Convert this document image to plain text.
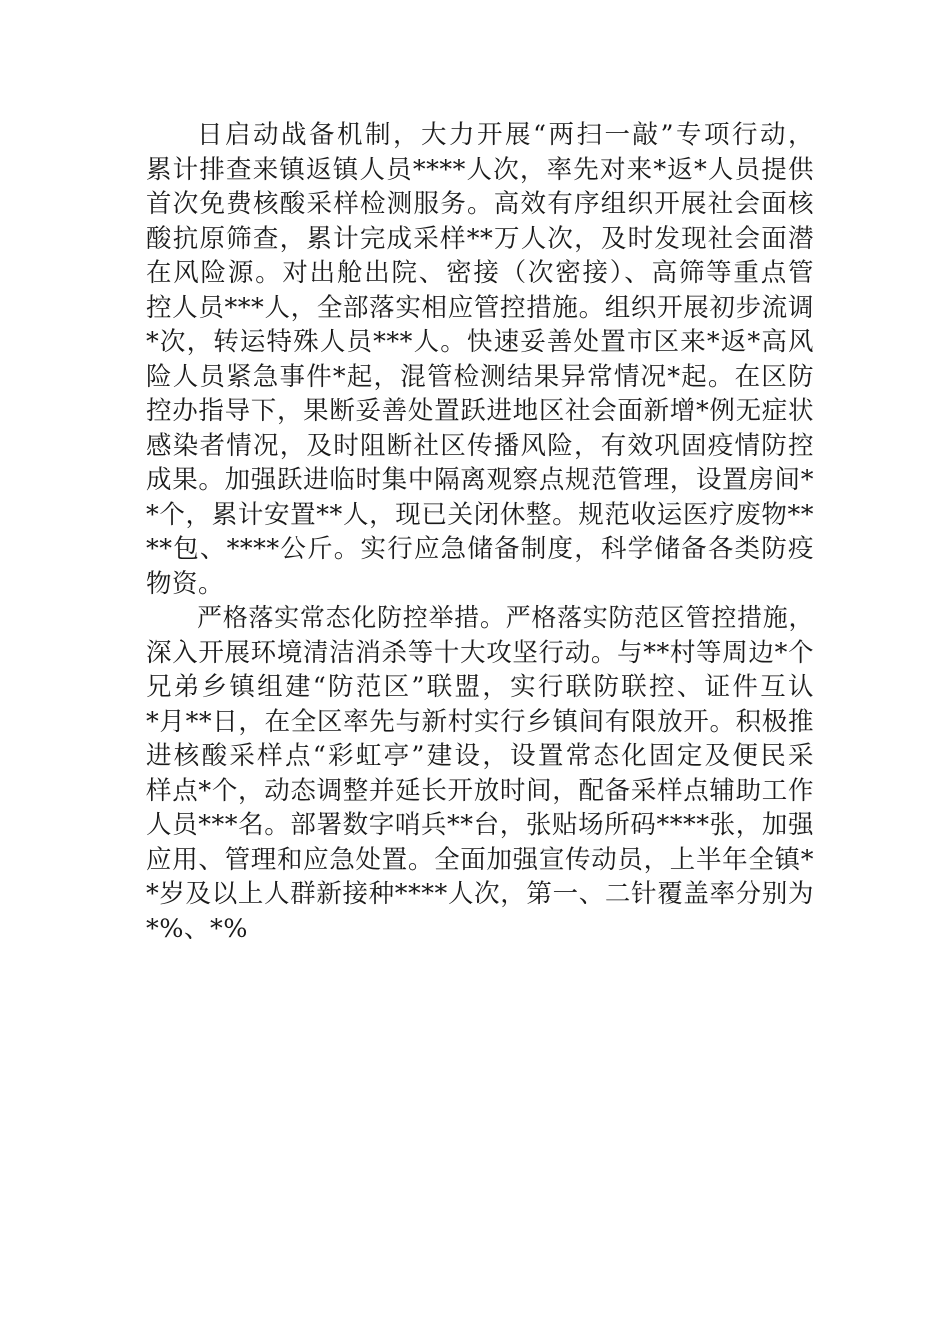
日启动战备机制，大力开展“两扫一敲”专项行动，
累计排查来镇返镇人员****人次，率先对来*返*人员提供
首次免费核酸采样检测服务。高效有序组织开展社会面核
酸抗原筛查，累计完成采样**万人次，及时发现社会面潜
在风险源。对出舱出院、密接（次密接）、高筛等重点管
控人员***人，全部落实相应管控措施。组织开展初步流调
*次，转运特殊人员***人。快速妥善处置市区来*返*高风
险人员紧急事件*起，混管检测结果异常情况*起。在区防
控办指导下，果断妥善处置跃进地区社会面新增*例无症状
感染者情况，及时阻断社区传播风险，有效巩固疫情防控
成果。加强跃进临时集中隔离观察点规范管理，设置房间*
*个，累计安置**人，现已关闭休整。规范收运医疗废物**
**包、****公斤。实行应急储备制度，科学储备各类防疫
物资。
严格落实常态化防控举措。严格落实防范区管控措施，
深入开展环境清洁消杀等十大攻坚行动。与**村等周边*个
兄弟乡镇组建“防范区”联盟，实行联防联控、证件互认
*月**日，在全区率先与新村实行乡镇间有限放开。积极推
进核酸采样点“彩虹亭”建设，设置常态化固定及便民采
样点*个，动态调整并延长开放时间，配备采样点辅助工作
人员***名。部署数字哨兵**台，张贴场所码****张，加强
应用、管理和应急处置。全面加强宣传动员，上半年全镇*
*岁及以上人群新接种****人次，第一、二针覆盖率分别为
*%、*%
